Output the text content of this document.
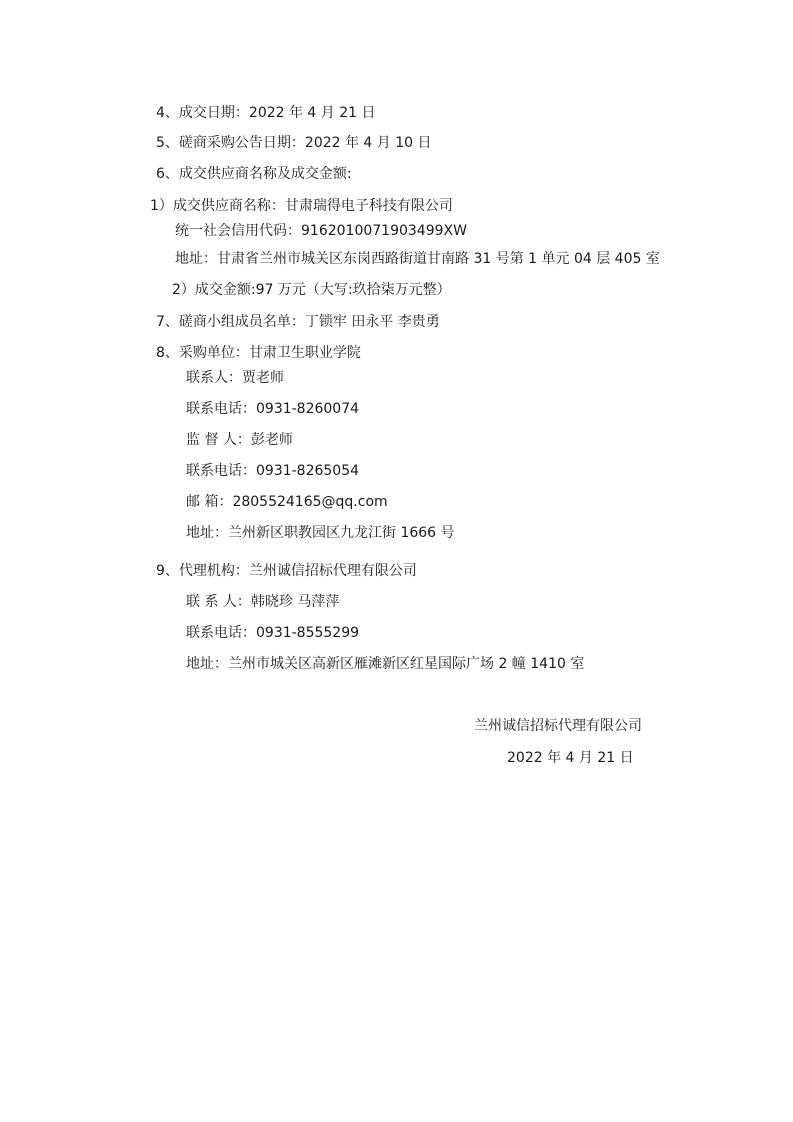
4、成交日期：2022 年 4 月 21 日
5、磋商采购公告日期：2022 年 4 月 10 日
6、成交供应商名称及成交金额:
1）成交供应商名称：甘肃瑞得电子科技有限公司
统一社会信用代码：9162010071903499XW
地址：甘肃省兰州市城关区东岗西路街道甘南路 31 号第 1 单元 04 层 405 室
2）成交金额:97 万元（大写:玖拾柒万元整）
7、磋商小组成员名单：丁锁牢 田永平 李贵勇
8、采购单位：甘肃卫生职业学院
联系人：贾老师
联系电话：0931-8260074
监 督 人：彭老师
联系电话：0931-8265054
邮 箱：2805524165@qq.com
地址：兰州新区职教园区九龙江街 1666 号
9、代理机构：兰州诚信招标代理有限公司
联 系 人：韩晓珍 马萍萍
联系电话：0931-8555299
地址：兰州市城关区高新区雁滩新区红星国际广场 2 幢 1410 室
兰州诚信招标代理有限公司
2022 年 4 月 21 日
